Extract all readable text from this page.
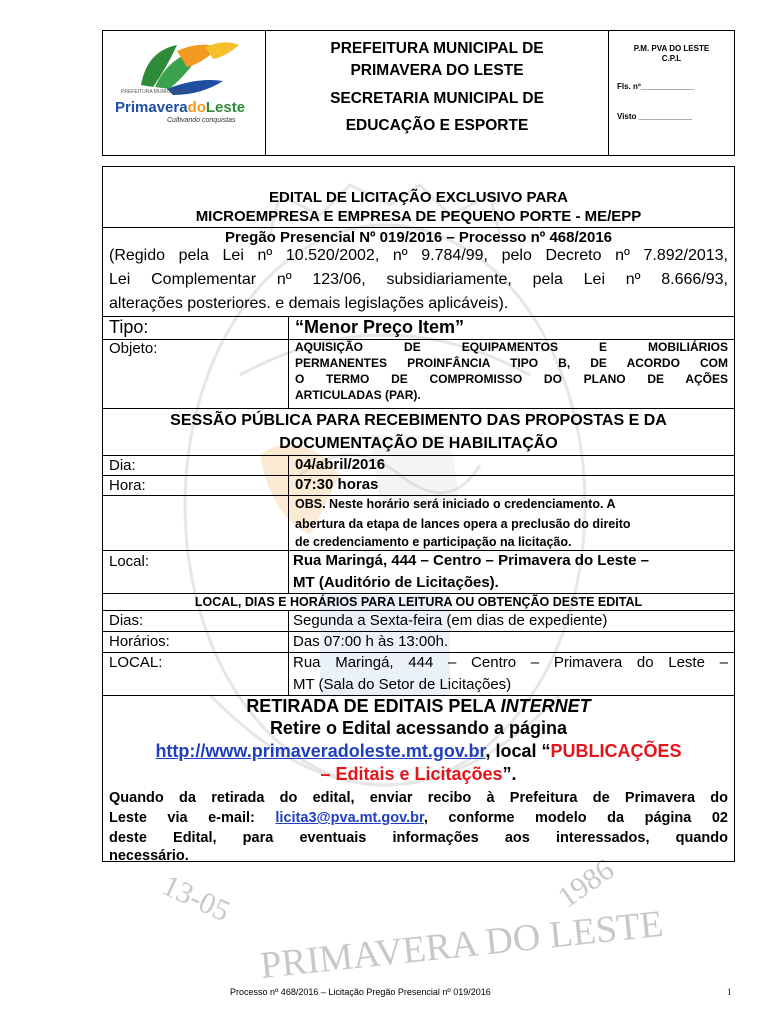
13-05
PRIMAVERA DO LESTE
1986
PREFEITURA MUNICIPAL DE
PrimaveradoLeste
Cultivando conquistas
PREFEITURA MUNICIPAL DE
PRIMAVERA DO LESTE
SECRETARIA MUNICIPAL DE
EDUCAÇÃO E ESPORTE
P.M. PVA DO LESTE
C.P.L
Fls. nº____________
Visto ____________
EDITAL DE LICITAÇÃO EXCLUSIVO PARA
MICROEMPRESA E EMPRESA DE PEQUENO PORTE - ME/EPP
Pregão Presencial Nº 019/2016 – Processo nº 468/2016
(Regido pela Lei nº 10.520/2002, nº 9.784/99, pelo Decreto nº 7.892/2013,
Lei Complementar nº 123/06, subsidiariamente, pela Lei nº 8.666/93,
alterações posteriores. e demais legislações aplicáveis).
Tipo:	“Menor Preço Item”
Objeto:	AQUISIÇÃO DE EQUIPAMENTOS E MOBILIÁRIOS
PERMANENTES PROINFÂNCIA TIPO B, DE ACORDO COM
O TERMO DE COMPROMISSO DO PLANO DE AÇÕES
ARTICULADAS (PAR).
SESSÃO PÚBLICA PARA RECEBIMENTO DAS PROPOSTAS E DA
DOCUMENTAÇÃO DE HABILITAÇÃO
Dia:	04/abril/2016
Hora:	07:30 horas
OBS. Neste horário será iniciado o credenciamento. A
abertura da etapa de lances opera a preclusão do direito
de credenciamento e participação na licitação.
Local:	Rua Maringá, 444 – Centro – Primavera do Leste –
MT (Auditório de Licitações).
LOCAL, DIAS E HORÁRIOS PARA LEITURA OU OBTENÇÃO DESTE EDITAL
Dias:	Segunda a Sexta-feira (em dias de expediente)
Horários:	Das 07:00 h às 13:00h.
LOCAL:	Rua Maringá, 444 – Centro – Primavera do Leste –
MT (Sala do Setor de Licitações)
RETIRADA DE EDITAIS PELA INTERNET
Retire o Edital acessando a página
http://www.primaveradoleste.mt.gov.br, local “PUBLICAÇÕES
– Editais e Licitações”.
Quando da retirada do edital, enviar recibo à Prefeitura de Primavera do
Leste via e-mail: licita3@pva.mt.gov.br, conforme modelo da página 02
deste Edital, para eventuais informações aos interessados, quando
necessário.
Processo nº 468/2016 – Licitação Pregão Presencial nº 019/2016	1
